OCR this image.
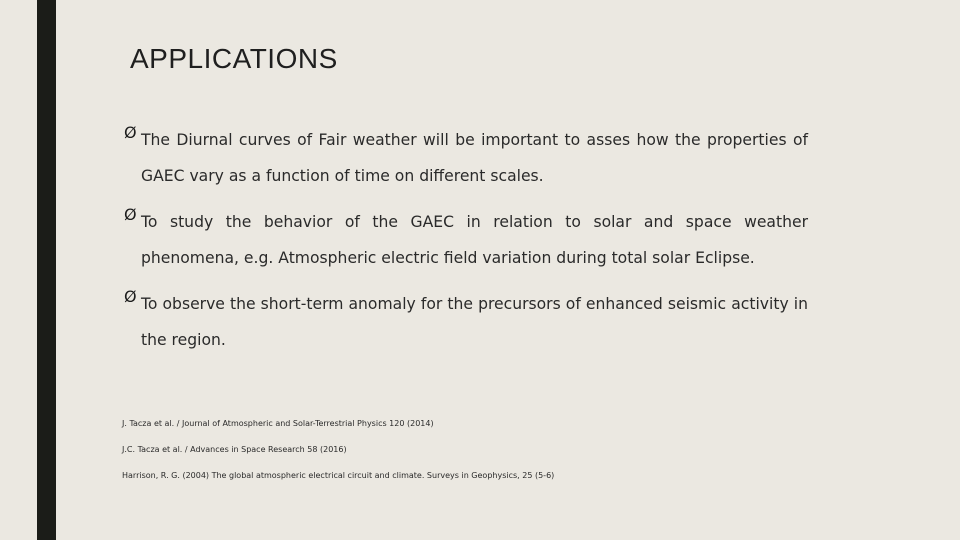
APPLICATIONS
Ø The Diurnal curves of Fair weather will be important to asses how the properties of GAEC vary as a function of time on different scales.
Ø To study the behavior of the GAEC in relation to solar and space weather phenomena, e.g. Atmospheric electric field variation during total solar Eclipse.
Ø To observe the short-term anomaly for the precursors of enhanced seismic activity in the region.
J. Tacza et al. / Journal of Atmospheric and Solar-Terrestrial Physics 120 (2014)
J.C. Tacza et al. / Advances in Space Research 58 (2016)
Harrison, R. G. (2004) The global atmospheric electrical circuit and climate. Surveys in Geophysics, 25 (5-6)
